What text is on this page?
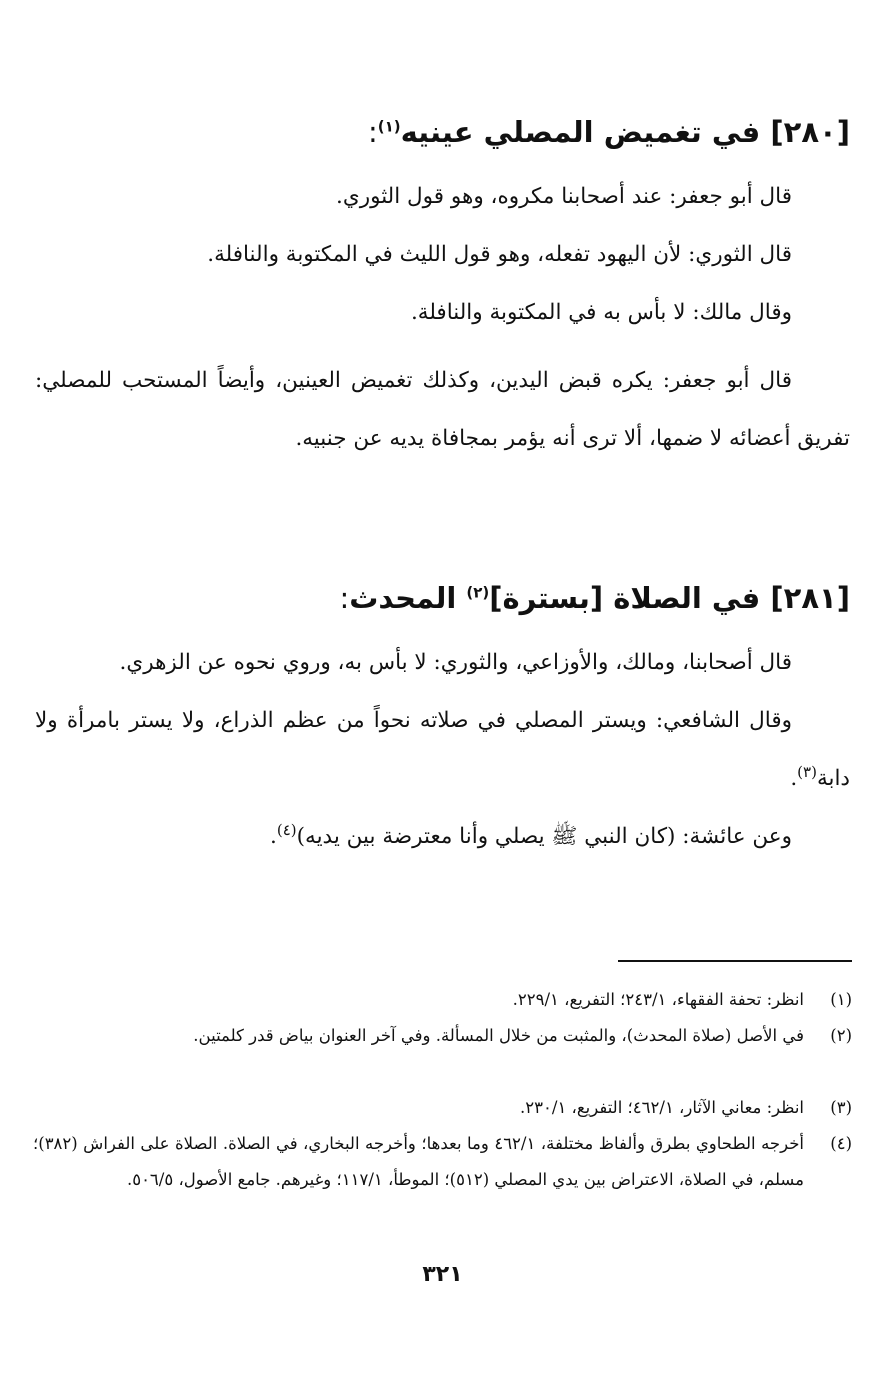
[٢٨٠] في تغميض المصلي عينيه$^{(١)}$:

قال أبو جعفر: عند أصحابنا مكروه، وهو قول الثوري.

قال الثوري: لأن اليهود تفعله، وهو قول الليث في المكتوبة والنافلة.

وقال مالك: لا بأس به في المكتوبة والنافلة.

قال أبو جعفر: يكره قبض اليدين، وكذلك تغميض العينين، وأيضاً المستحب للمصلي: تفريق أعضائه لا ضمها، ألا ترى أنه يؤمر بمجافاة يديه عن جنبيه.

[٢٨١] في الصلاة [بسترة]$^{(٢)}$ المحدث:

قال أصحابنا، ومالك، والأوزاعي، والثوري: لا بأس به، وروي نحوه عن الزهري.

وقال الشافعي: ويستر المصلي في صلاته نحواً من عظم الذراع، ولا يستر بامرأة ولا دابة$^{(٣)}$.

وعن عائشة: (كان النبي ﷺ يصلي وأنا معترضة بين يديه)$^{(٤)}$.

(١)
انظر: تحفة الفقهاء، ٢٤٣/١؛ التفريع، ٢٢٩/١.
(٢)
في الأصل (صلاة المحدث)، والمثبت من خلال المسألة. وفي آخر العنوان بياض قدر كلمتين.
(٣)
انظر: معاني الآثار، ٤٦٢/١؛ التفريع، ٢٣٠/١.
(٤)
أخرجه الطحاوي بطرق وألفاظ مختلفة، ٤٦٢/١ وما بعدها؛ وأخرجه البخاري، في الصلاة. الصلاة على الفراش (٣٨٢)؛ مسلم، في الصلاة، الاعتراض بين يدي المصلي (٥١٢)؛ الموطأ، ١١٧/١؛ وغيرهم. جامع الأصول، ٥٠٦/٥.
٣٢١
